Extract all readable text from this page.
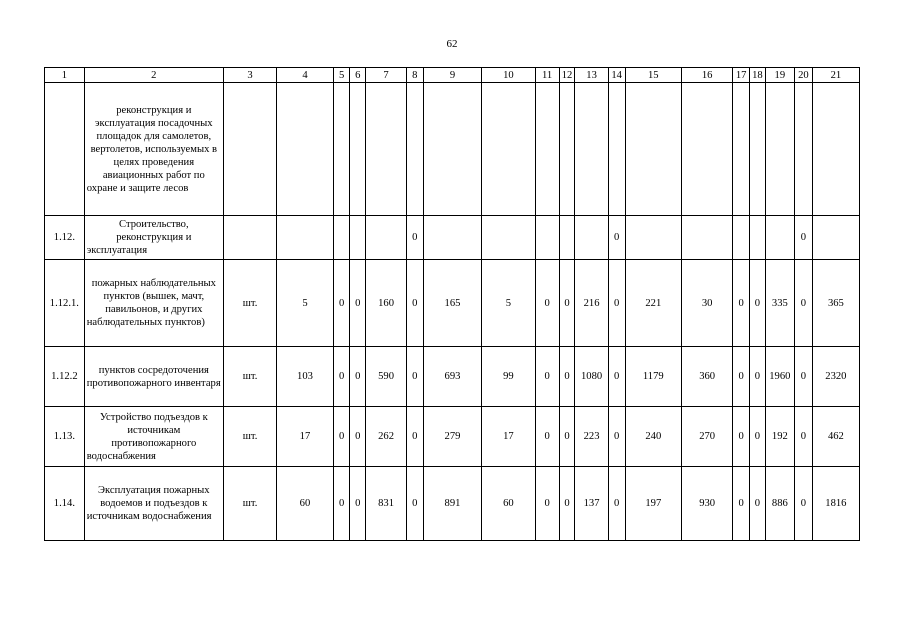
62
1	2	3	4	5	6	7	8	9	10	11	12	13	14	15	16	17	18	19	20	21
	реконструкция и эксплуатация посадочных площадок для самолетов, вертолетов, используемых в целях проведения авиационных работ по охране и защите лесов																			
1.12.	Строительство, реконструкция и эксплуатация						0						0						0	
1.12.1.	пожарных наблюдательных пунктов (вышек, мачт, павильонов, и других наблюдательных пунктов)	шт.	5	0	0	160	0	165	5	0	0	216	0	221	30	0	0	335	0	365
1.12.2	пунктов сосредоточения противопожарного инвентаря	шт.	103	0	0	590	0	693	99	0	0	1080	0	1179	360	0	0	1960	0	2320
1.13.	Устройство подъездов к источникам противопожарного водоснабжения	шт.	17	0	0	262	0	279	17	0	0	223	0	240	270	0	0	192	0	462
1.14.	Эксплуатация пожарных водоемов и подъездов к источникам водоснабжения	шт.	60	0	0	831	0	891	60	0	0	137	0	197	930	0	0	886	0	1816
